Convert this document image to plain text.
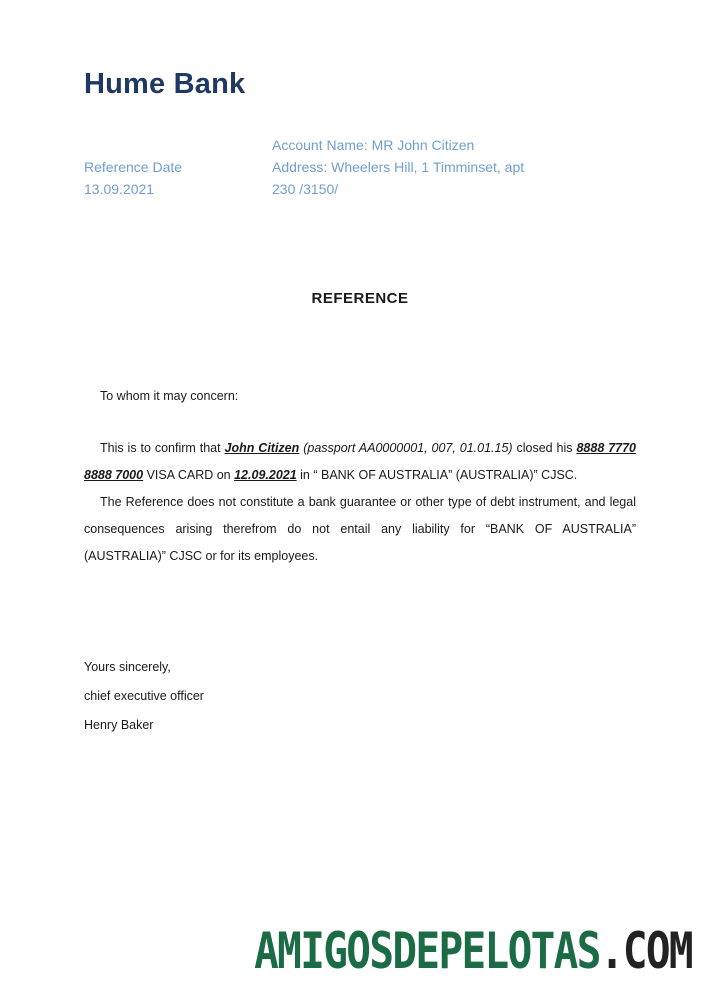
Hume Bank
Reference Date
13.09.2021
Account Name: MR John Citizen
Address: Wheelers Hill, 1 Timminset, apt
230 /3150/
REFERENCE
To whom it may concern:
This is to confirm that John Citizen (passport AA0000001, 007, 01.01.15) closed his 8888 7770 8888 7000 VISA CARD on 12.09.2021 in “ BANK OF AUSTRALIA” (AUSTRALIA)” CJSC.
The Reference does not constitute a bank guarantee or other type of debt instrument, and legal consequences arising therefrom do not entail any liability for “BANK OF AUSTRALIA” (AUSTRALIA)” CJSC or for its employees.
Yours sincerely,
chief executive officer
Henry Baker
AMIGOSDEPELOTAS.COM
